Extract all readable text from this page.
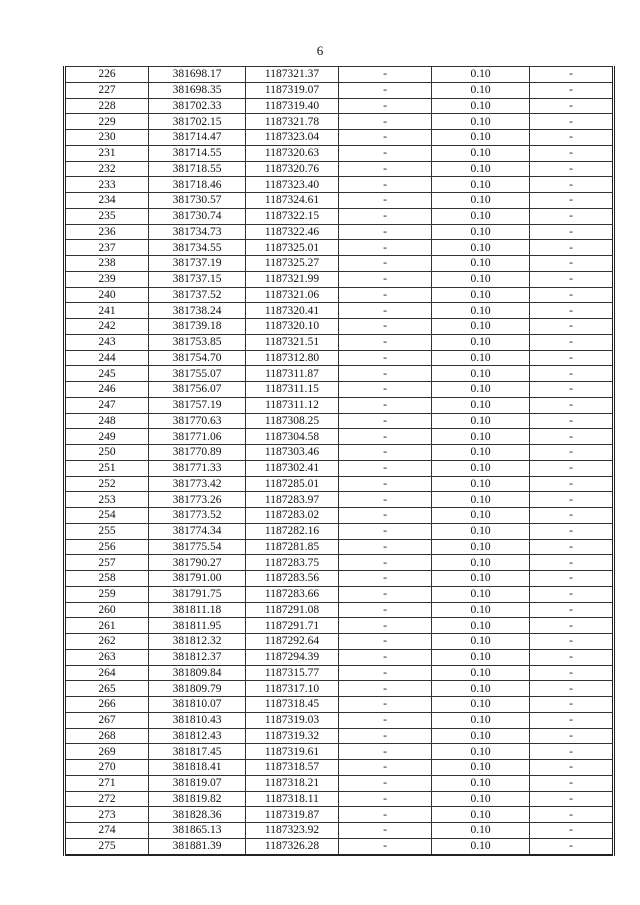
6
226	381698.17	1187321.37	-	0.10	-
227	381698.35	1187319.07	-	0.10	-
228	381702.33	1187319.40	-	0.10	-
229	381702.15	1187321.78	-	0.10	-
230	381714.47	1187323.04	-	0.10	-
231	381714.55	1187320.63	-	0.10	-
232	381718.55	1187320.76	-	0.10	-
233	381718.46	1187323.40	-	0.10	-
234	381730.57	1187324.61	-	0.10	-
235	381730.74	1187322.15	-	0.10	-
236	381734.73	1187322.46	-	0.10	-
237	381734.55	1187325.01	-	0.10	-
238	381737.19	1187325.27	-	0.10	-
239	381737.15	1187321.99	-	0.10	-
240	381737.52	1187321.06	-	0.10	-
241	381738.24	1187320.41	-	0.10	-
242	381739.18	1187320.10	-	0.10	-
243	381753.85	1187321.51	-	0.10	-
244	381754.70	1187312.80	-	0.10	-
245	381755.07	1187311.87	-	0.10	-
246	381756.07	1187311.15	-	0.10	-
247	381757.19	1187311.12	-	0.10	-
248	381770.63	1187308.25	-	0.10	-
249	381771.06	1187304.58	-	0.10	-
250	381770.89	1187303.46	-	0.10	-
251	381771.33	1187302.41	-	0.10	-
252	381773.42	1187285.01	-	0.10	-
253	381773.26	1187283.97	-	0.10	-
254	381773.52	1187283.02	-	0.10	-
255	381774.34	1187282.16	-	0.10	-
256	381775.54	1187281.85	-	0.10	-
257	381790.27	1187283.75	-	0.10	-
258	381791.00	1187283.56	-	0.10	-
259	381791.75	1187283.66	-	0.10	-
260	381811.18	1187291.08	-	0.10	-
261	381811.95	1187291.71	-	0.10	-
262	381812.32	1187292.64	-	0.10	-
263	381812.37	1187294.39	-	0.10	-
264	381809.84	1187315.77	-	0.10	-
265	381809.79	1187317.10	-	0.10	-
266	381810.07	1187318.45	-	0.10	-
267	381810.43	1187319.03	-	0.10	-
268	381812.43	1187319.32	-	0.10	-
269	381817.45	1187319.61	-	0.10	-
270	381818.41	1187318.57	-	0.10	-
271	381819.07	1187318.21	-	0.10	-
272	381819.82	1187318.11	-	0.10	-
273	381828.36	1187319.87	-	0.10	-
274	381865.13	1187323.92	-	0.10	-
275	381881.39	1187326.28	-	0.10	-
